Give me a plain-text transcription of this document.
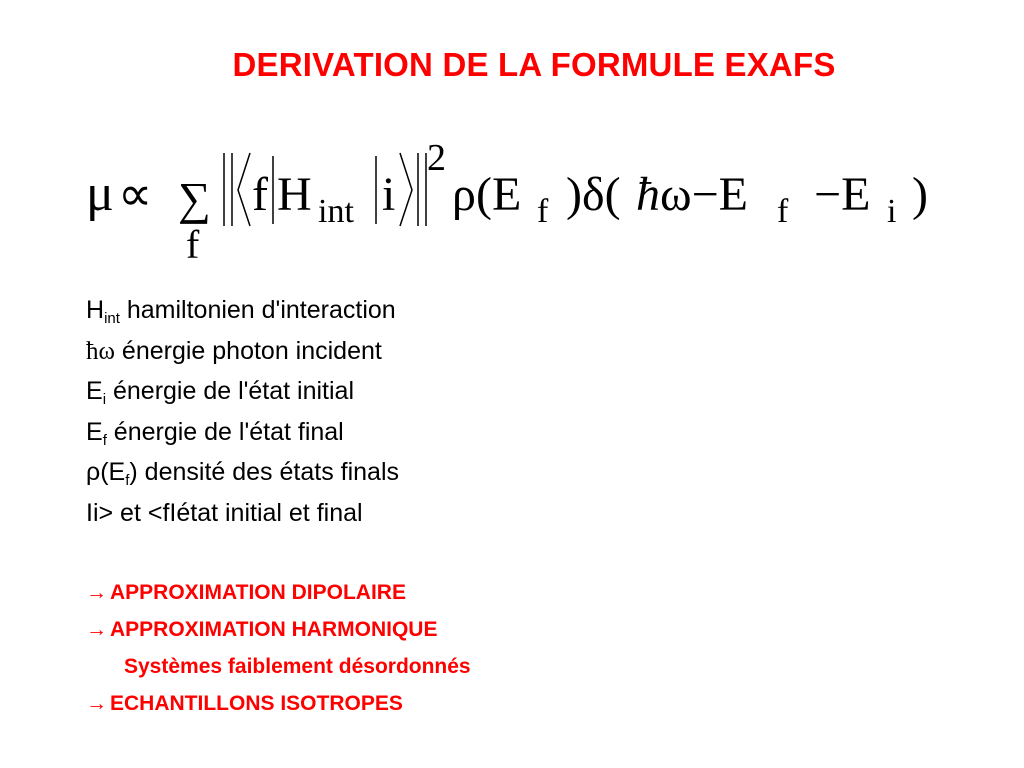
DERIVATION DE LA FORMULE EXAFS
μ ∝ ∑
f
f H int i
2
ρ(E f )δ( ħ ω−E f −E i )
$H_{int}$ hamiltonien d'interaction
ħω énergie photon incident
$E_i$ énergie de l'état initial
$E_f$ énergie de l'état final
$\rho(E_f)$ densité des états finals
Ii> et <fIétat initial et final
→ APPROXIMATION DIPOLAIRE
→ APPROXIMATION HARMONIQUE
Systèmes faiblement désordonnés
→ ECHANTILLONS ISOTROPES
